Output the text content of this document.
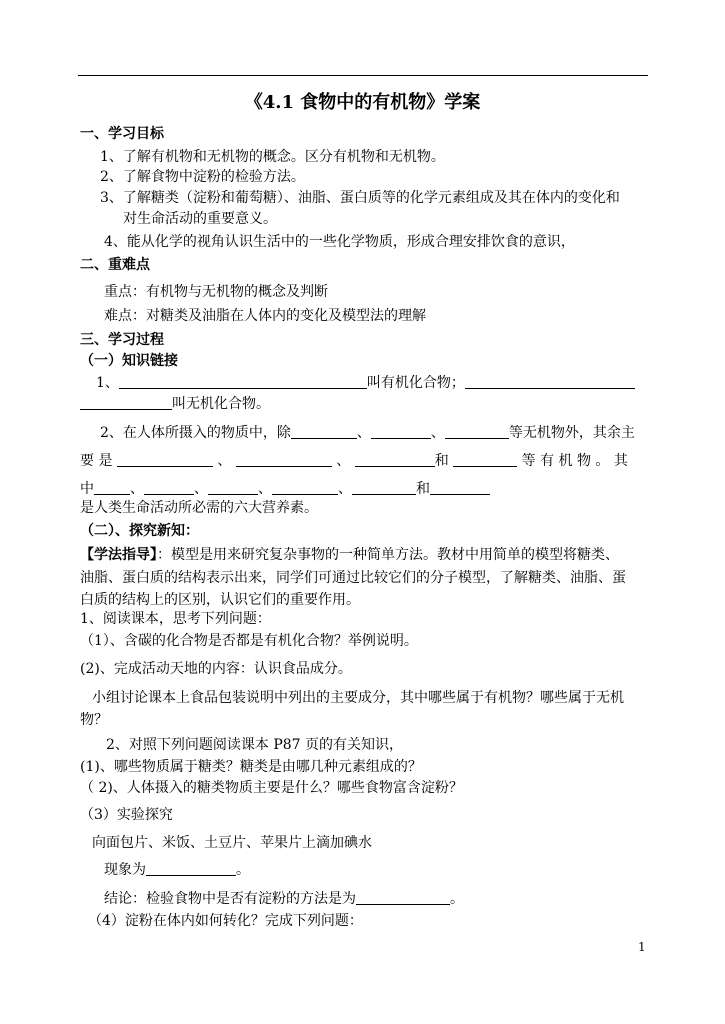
《4.1 食物中的有机物》学案
一、学习目标
1、了解有机物和无机物的概念。区分有机物和无机物。
2、了解食物中淀粉的检验方法。
3、了解糖类（淀粉和葡萄糖）、油脂、蛋白质等的化学元素组成及其在体内的变化和
对生命活动的重要意义。
4、能从化学的视角认识生活中的一些化学物质，形成合理安排饮食的意识，
二、重难点
重点：有机物与无机物的概念及判断
难点：对糖类及油脂在人体内的变化及模型法的理解
三、学习过程
（一）知识链接
1、	叫有机化合物；
叫无机化合物。
2、在人体所摄入的物质中，除	、	、	等无机物外，其余主
要 是	、	、	和	等 有 机 物 。 其
中	、	、	、	、	和
是人类生命活动所必需的六大营养素。
（二）、探究新知：
【学法指导】：模型是用来研究复杂事物的一种简单方法。教材中用简单的模型将糖类、
油脂、蛋白质的结构表示出来，同学们可通过比较它们的分子模型，了解糖类、油脂、蛋
白质的结构上的区别，认识它们的重要作用。
1、阅读课本，思考下列问题：
（1）、含碳的化合物是否都是有机化合物？举例说明。
(2)、完成活动天地的内容：认识食品成分。
小组讨论课本上食品包装说明中列出的主要成分，其中哪些属于有机物？哪些属于无机
物？
2、对照下列问题阅读课本 P87 页的有关知识，
(1)、哪些物质属于糖类？糖类是由哪几种元素组成的？
（ 2)、人体摄入的糖类物质主要是什么？哪些食物富含淀粉？
（3）实验探究
向面包片、米饭、土豆片、苹果片上滴加碘水
现象为	。
结论：检验食物中是否有淀粉的方法是为	。
（4）淀粉在体内如何转化？完成下列问题：
1
